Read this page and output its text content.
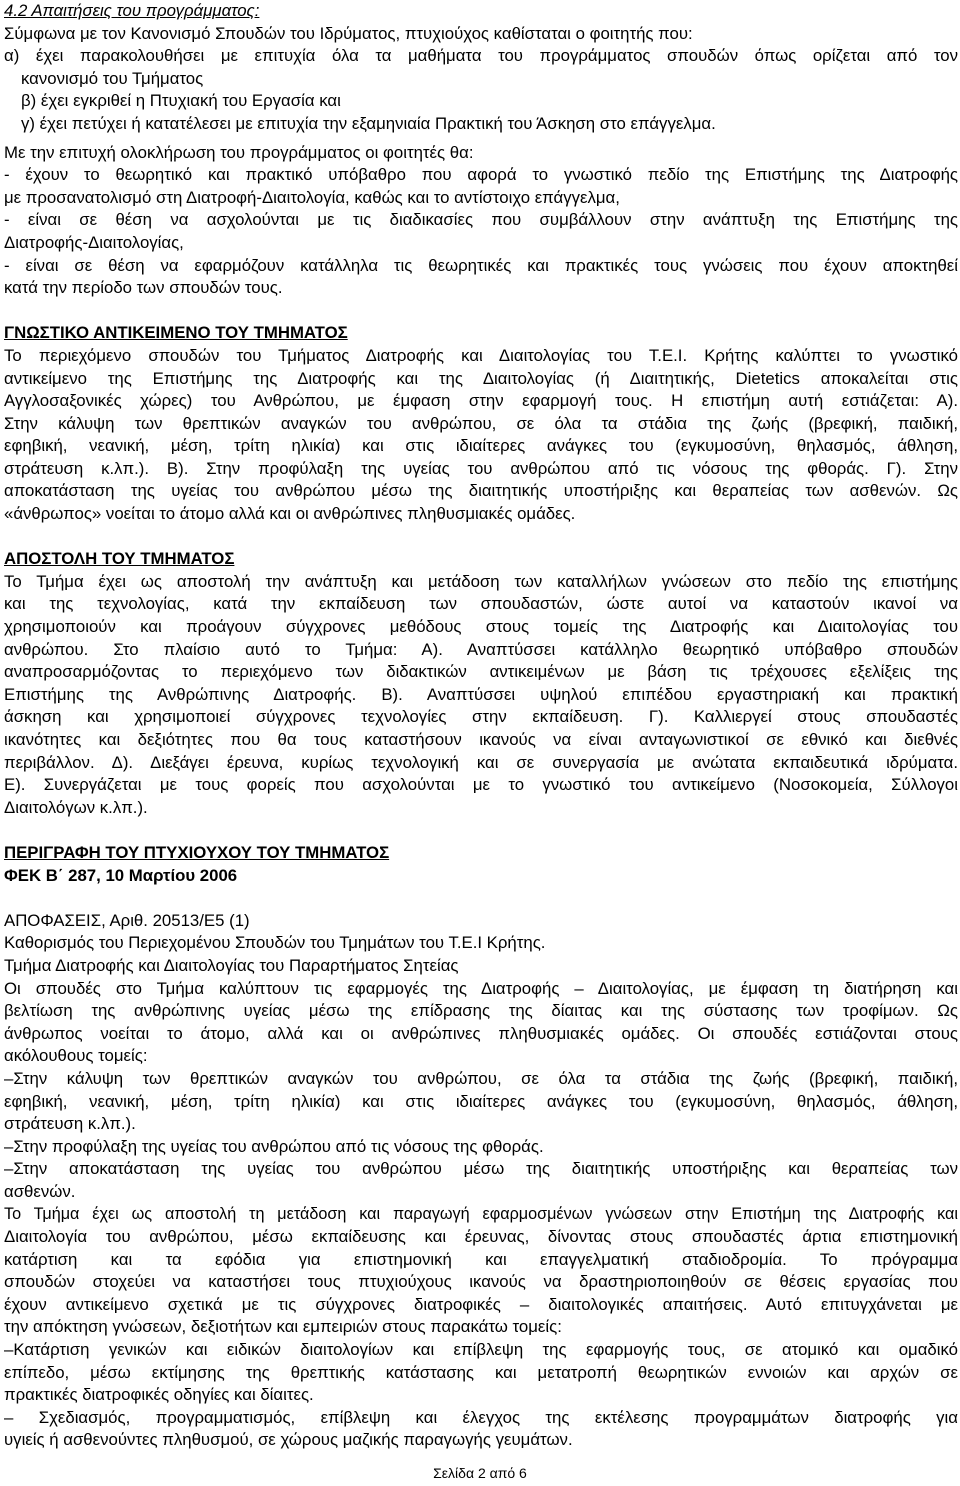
4.2 Απαιτήσεις του προγράμματος:
Σύμφωνα με τον Κανονισμό Σπουδών του Ιδρύματος, πτυχιούχος καθίσταται ο φοιτητής που:
α) έχει παρακολουθήσει με επιτυχία όλα τα μαθήματα του προγράμματος σπουδών όπως ορίζεται από τον
κανονισμό του Τμήματος
β) έχει εγκριθεί η Πτυχιακή του Εργασία και
γ) έχει πετύχει ή κατατέλεσει με επιτυχία την εξαμηνιαία Πρακτική του Άσκηση στο επάγγελμα.
Με την επιτυχή ολοκλήρωση του προγράμματος οι φοιτητές θα:
- έχουν το θεωρητικό και πρακτικό υπόβαθρο που αφορά το γνωστικό πεδίο της Επιστήμης της Διατροφής
με προσανατολισμό στη Διατροφή-Διαιτολογία, καθώς και το αντίστοιχο επάγγελμα,
- είναι σε θέση να ασχολούνται με τις διαδικασίες που συμβάλλουν στην ανάπτυξη της Επιστήμης της
Διατροφής-Διαιτολογίας,
- είναι σε θέση να εφαρμόζουν κατάλληλα τις θεωρητικές και πρακτικές τους γνώσεις που έχουν αποκτηθεί
κατά την περίοδο των σπουδών τους.
ΓΝΩΣΤΙΚΟ ΑΝΤΙΚΕΙΜΕΝΟ ΤΟΥ ΤΜΗΜΑΤΟΣ
Το περιεχόμενο σπουδών του Τμήματος Διατροφής και Διαιτολογίας του Τ.Ε.Ι. Κρήτης καλύπτει το γνωστικό
αντικείμενο της Επιστήμης της Διατροφής και της Διαιτολογίας (ή Διαιτητικής, Dietetics αποκαλείται στις
Αγγλοσαξονικές χώρες) του Ανθρώπου, με έμφαση στην εφαρμογή τους. Η επιστήμη αυτή εστιάζεται: Α).
Στην κάλυψη των θρεπτικών αναγκών του ανθρώπου, σε όλα τα στάδια της ζωής (βρεφική, παιδική,
εφηβική, νεανική, μέση, τρίτη ηλικία) και στις ιδιαίτερες ανάγκες του (εγκυμοσύνη, θηλασμός, άθληση,
στράτευση κ.λπ.). Β). Στην προφύλαξη της υγείας του ανθρώπου από τις νόσους της φθοράς. Γ). Στην
αποκατάσταση της υγείας του ανθρώπου μέσω της διαιτητικής υποστήριξης και θεραπείας των ασθενών. Ως
«άνθρωπος» νοείται το άτομο αλλά και οι ανθρώπινες πληθυσμιακές ομάδες.
ΑΠΟΣΤΟΛΗ ΤΟΥ ΤΜΗΜΑΤΟΣ
Το Τμήμα έχει ως αποστολή την ανάπτυξη και μετάδοση των καταλλήλων γνώσεων στο πεδίο της επιστήμης
και της τεχνολογίας, κατά την εκπαίδευση των σπουδαστών, ώστε αυτοί να καταστούν ικανοί να
χρησιμοποιούν και προάγουν σύγχρονες μεθόδους στους τομείς της Διατροφής και Διαιτολογίας του
ανθρώπου. Στο πλαίσιο αυτό το Τμήμα: Α). Αναπτύσσει κατάλληλο θεωρητικό υπόβαθρο σπουδών
αναπροσαρμόζοντας το περιεχόμενο των διδακτικών αντικειμένων με βάση τις τρέχουσες εξελίξεις της
Επιστήμης της Ανθρώπινης Διατροφής. Β). Αναπτύσσει υψηλού επιπέδου εργαστηριακή και πρακτική
άσκηση και χρησιμοποιεί σύγχρονες τεχνολογίες στην εκπαίδευση. Γ). Καλλιεργεί στους σπουδαστές
ικανότητες και δεξιότητες που θα τους καταστήσουν ικανούς να είναι ανταγωνιστικοί σε εθνικό και διεθνές
περιβάλλον. Δ). Διεξάγει έρευνα, κυρίως τεχνολογική και σε συνεργασία με ανώτατα εκπαιδευτικά ιδρύματα.
Ε). Συνεργάζεται με τους φορείς που ασχολούνται με το γνωστικό του αντικείμενο (Νοσοκομεία, Σύλλογοι
Διαιτολόγων κ.λπ.).
ΠΕΡΙΓΡΑΦΗ ΤΟΥ ΠΤΥΧΙΟΥΧΟΥ ΤΟΥ ΤΜΗΜΑΤΟΣ
ΦΕΚ Β΄ 287, 10 Μαρτίου 2006
ΑΠΟΦΑΣΕΙΣ, Αριθ. 20513/Ε5 (1)
Καθορισμός του Περιεχομένου Σπουδών του Τμημάτων του Τ.Ε.Ι Κρήτης.
Τμήμα Διατροφής και Διαιτολογίας του Παραρτήματος Σητείας
Οι σπουδές στο Τμήμα καλύπτουν τις εφαρμογές της Διατροφής – Διαιτολογίας, με έμφαση τη διατήρηση και
βελτίωση της ανθρώπινης υγείας μέσω της επίδρασης της δίαιτας και της σύστασης των τροφίμων. Ως
άνθρωπος νοείται το άτομο, αλλά και οι ανθρώπινες πληθυσμιακές ομάδες. Οι σπουδές εστιάζονται στους
ακόλουθους τομείς:
–Στην κάλυψη των θρεπτικών αναγκών του ανθρώπου, σε όλα τα στάδια της ζωής (βρεφική, παιδική,
εφηβική, νεανική, μέση, τρίτη ηλικία) και στις ιδιαίτερες ανάγκες του (εγκυμοσύνη, θηλασμός, άθληση,
στράτευση κ.λπ.).
–Στην προφύλαξη της υγείας του ανθρώπου από τις νόσους της φθοράς.
–Στην αποκατάσταση της υγείας του ανθρώπου μέσω της διαιτητικής υποστήριξης και θεραπείας των
ασθενών.
Το Τμήμα έχει ως αποστολή τη μετάδοση και παραγωγή εφαρμοσμένων γνώσεων στην Επιστήμη της Διατροφής και
Διαιτολογία του ανθρώπου, μέσω εκπαίδευσης και έρευνας, δίνοντας στους σπουδαστές άρτια επιστημονική
κατάρτιση και τα εφόδια για επιστημονική και επαγγελματική σταδιοδρομία. Το πρόγραμμα
σπουδών στοχεύει να καταστήσει τους πτυχιούχους ικανούς να δραστηριοποιηθούν σε θέσεις εργασίας που
έχουν αντικείμενο σχετικά με τις σύγχρονες διατροφικές – διαιτολογικές απαιτήσεις. Αυτό επιτυγχάνεται με
την απόκτηση γνώσεων, δεξιοτήτων και εμπειριών στους παρακάτω τομείς:
–Κατάρτιση γενικών και ειδικών διαιτολογίων και επίβλεψη της εφαρμογής τους, σε ατομικό και ομαδικό
επίπεδο, μέσω εκτίμησης της θρεπτικής κατάστασης και μετατροπή θεωρητικών εννοιών και αρχών σε
πρακτικές διατροφικές οδηγίες και δίαιτες.
– Σχεδιασμός, προγραμματισμός, επίβλεψη και έλεγχος της εκτέλεσης προγραμμάτων διατροφής για
υγιείς ή ασθενούντες πληθυσμού, σε χώρους μαζικής παραγωγής γευμάτων.
Σελίδα 2 από 6
